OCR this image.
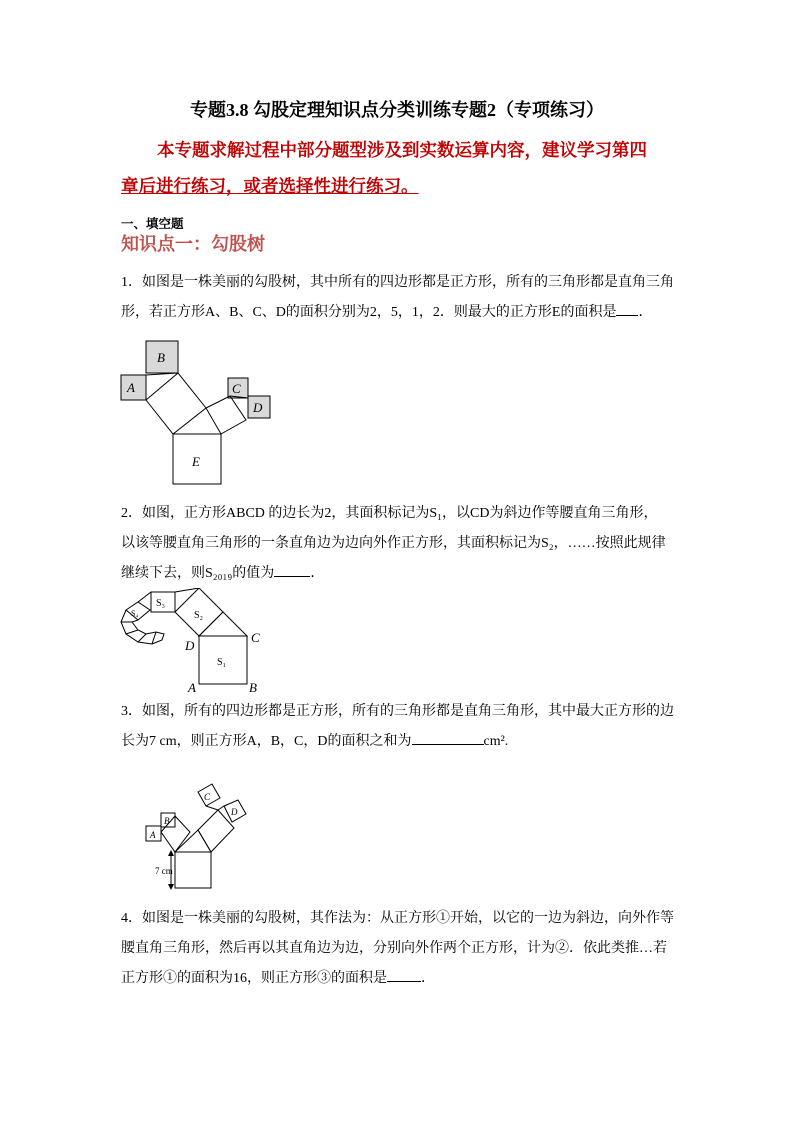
专题3.8 勾股定理知识点分类训练专题2（专项练习）
本专题求解过程中部分题型涉及到实数运算内容，建议学习第四
章后进行练习，或者选择性进行练习。
一、填空题
知识点一：勾股树
1．如图是一株美丽的勾股树，其中所有的四边形都是正方形，所有的三角形都是直角三角
形，若正方形A、B、C、D的面积分别为2，5，1，2．则最大的正方形E的面积是 ．
B
A	C
D
E
2．如图，正方形ABCD 的边长为2，其面积标记为S₁，以CD为斜边作等腰直角三角形，
以该等腰直角三角形的一条直角边为边向外作正方形，其面积标记为S₂，……按照此规律
继续下去，则S₂₀₁₉的值为	．
S₁
S₂
S₃
S₄
A	B
C
D
3．如图，所有的四边形都是正方形，所有的三角形都是直角三角形，其中最大正方形的边
长为7 cm，则正方形A，B，C，D的面积之和为	cm².
A
B
C
D
7 cm
4．如图是一株美丽的勾股树，其作法为：从正方形①开始，以它的一边为斜边，向外作等
腰直角三角形，然后再以其直角边为边，分别向外作两个正方形，计为②．依此类推…若
正方形①的面积为16，则正方形③的面积是 ．
